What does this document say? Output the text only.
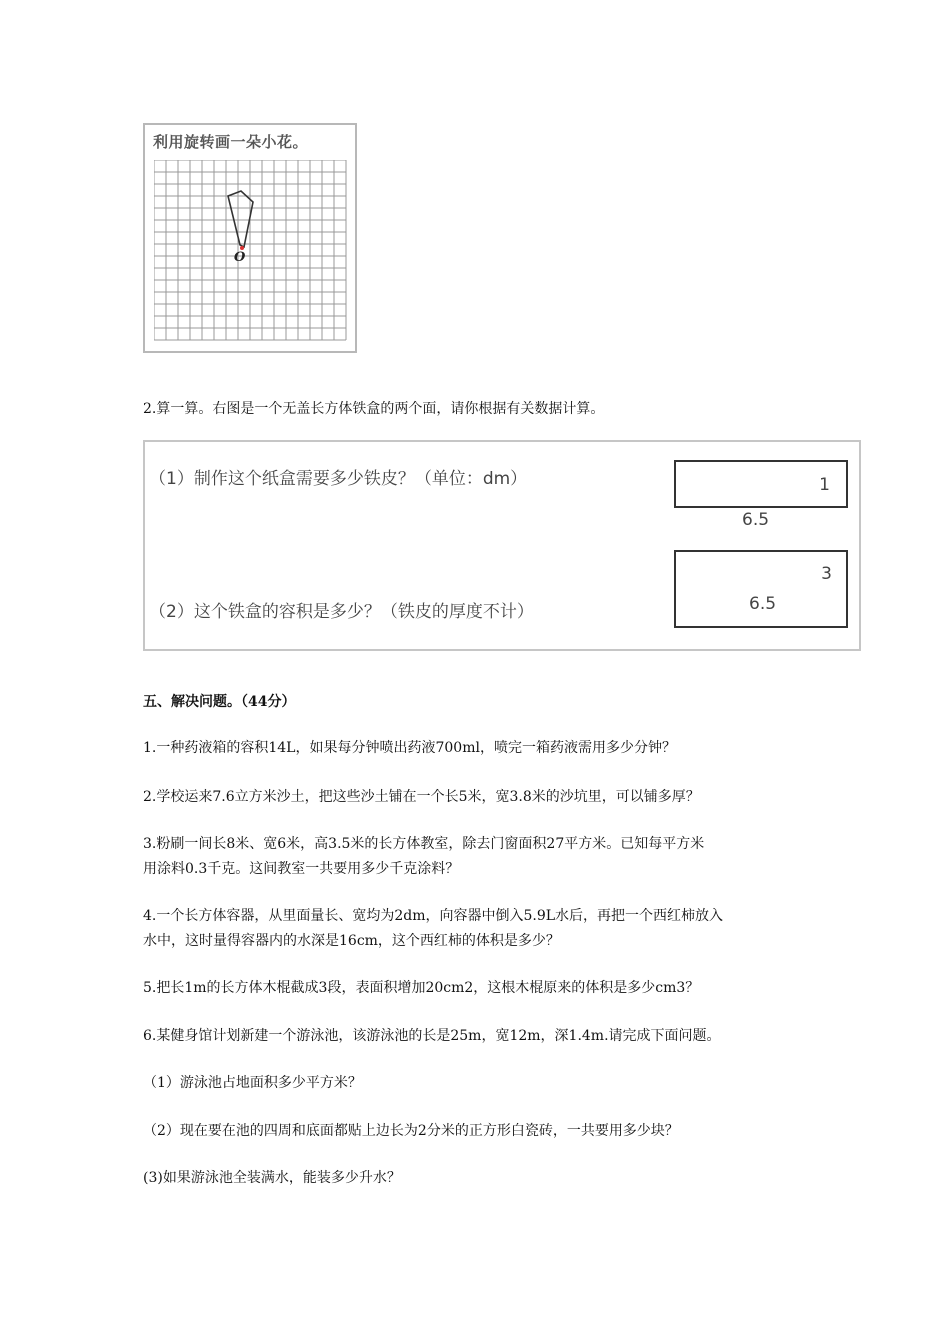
利用旋转画一朵小花。
O
2.算一算。右图是一个无盖长方体铁盒的两个面，请你根据有关数据计算。
（1）制作这个纸盒需要多少铁皮？（单位：dm）
（2）这个铁盒的容积是多少？（铁皮的厚度不计）
1
6.5
3
6.5
五、解决问题。（44分）
1.一种药液箱的容积14L，如果每分钟喷出药液700ml，喷完一箱药液需用多少分钟？
2.学校运来7.6立方米沙土，把这些沙土铺在一个长5米，宽3.8米的沙坑里，可以铺多厚？
3.粉刷一间长8米、宽6米，高3.5米的长方体教室，除去门窗面积27平方米。已知每平方米
用涂料0.3千克。这间教室一共要用多少千克涂料？
4.一个长方体容器，从里面量长、宽均为2dm，向容器中倒入5.9L水后，再把一个西红柿放入
水中，这时量得容器内的水深是16cm，这个西红柿的体积是多少？
5.把长1m的长方体木棍截成3段，表面积增加20cm2，这根木棍原来的体积是多少cm3？
6.某健身馆计划新建一个游泳池，该游泳池的长是25m，宽12m，深1.4m.请完成下面问题。
（1）游泳池占地面积多少平方米？
（2）现在要在池的四周和底面都贴上边长为2分米的正方形白瓷砖，一共要用多少块？
(3)如果游泳池全装满水，能装多少升水？
